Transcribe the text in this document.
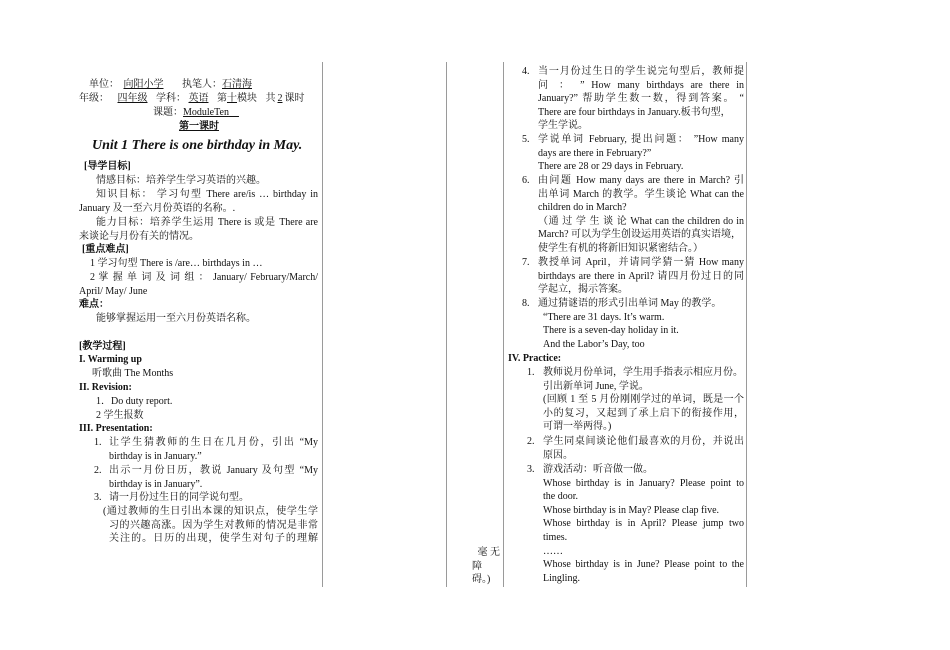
单位： 向阳小学 执笔人：石清海
年级： 四年级 学科： 英语 第十模块 共 2 课时
课题：ModuleTen
第一课时
Unit 1 There is one birthday in May.
[导学目标]
情感目标：培养学生学习英语的兴趣。
知识目标： 学习句型 There are/is … birthday in
January 及一至六月份英语的名称。.
能力目标：培养学生运用 There is 或是 There are
来谈论与月份有关的情况。
[重点难点]
1 学习句型 There is /are… birthdays in …
2 掌 握 单 词 及 词 组 ： January/ February/March/
April/ May/ June
难点：
能够掌握运用一至六月份英语名称。
[教学过程]
I. Warming up
听歌曲 The Months
II. Revision:
1．Do duty report.
2 学生报数
III. Presentation:
1. 让学生猜教师的生日在几月份，引出 “My
birthday is in January.”
2. 出示一月份日历，教说 January 及句型 “My
birthday is in January”.
3. 请一月份过生日的同学说句型。
(通过教师的生日引出本课的知识点，使学生学
习的兴趣高涨。因为学生对教师的情况是非常
关注的。日历的出现，使学生对句子的理解
毫 无
障
碍。)
4. 当一月份过生日的学生说完句型后，教师提
问 ： ” How many birthdays are there in
January?” 帮助学生数一数，得到答案。 “
There are four birthdays in January.板书句型，
学生学说。
5. 学说单词 February, 提出问题： ”How many
days are there in February?”
There are 28 or 29 days in February.
6. 由问题 How many days are there in March? 引
出单词 March 的教学。学生谈论 What can the
children do in March?
（通 过 学 生 谈 论 What can the children do in
March? 可以为学生创设运用英语的真实语境，
使学生有机的将新旧知识紧密结合。）
7. 教授单词 April，并请同学猜一猜 How many
birthdays are there in April? 请四月份过日的同
学起立，揭示答案。
8. 通过猜谜语的形式引出单词 May 的教学。
“There are 31 days. It’s warm.
There is a seven-day holiday in it.
And the Labor’s Day, too
IV. Practice:
1. 教师说月份单词，学生用手指表示相应月份。
引出新单词 June, 学说。
(回顾 1 至 5 月份刚刚学过的单词，既是一个
小的复习，又起到了承上启下的衔接作用，
可谓一举两得。)
2. 学生同桌间谈论他们最喜欢的月份，并说出
原因。
3. 游戏活动：听音做一做。
Whose birthday is in January? Please point to
the door.
Whose birthday is in May? Please clap five.
Whose birthday is in April? Please jump two
times.
……
Whose birthday is in June? Please point to the
Lingling.
